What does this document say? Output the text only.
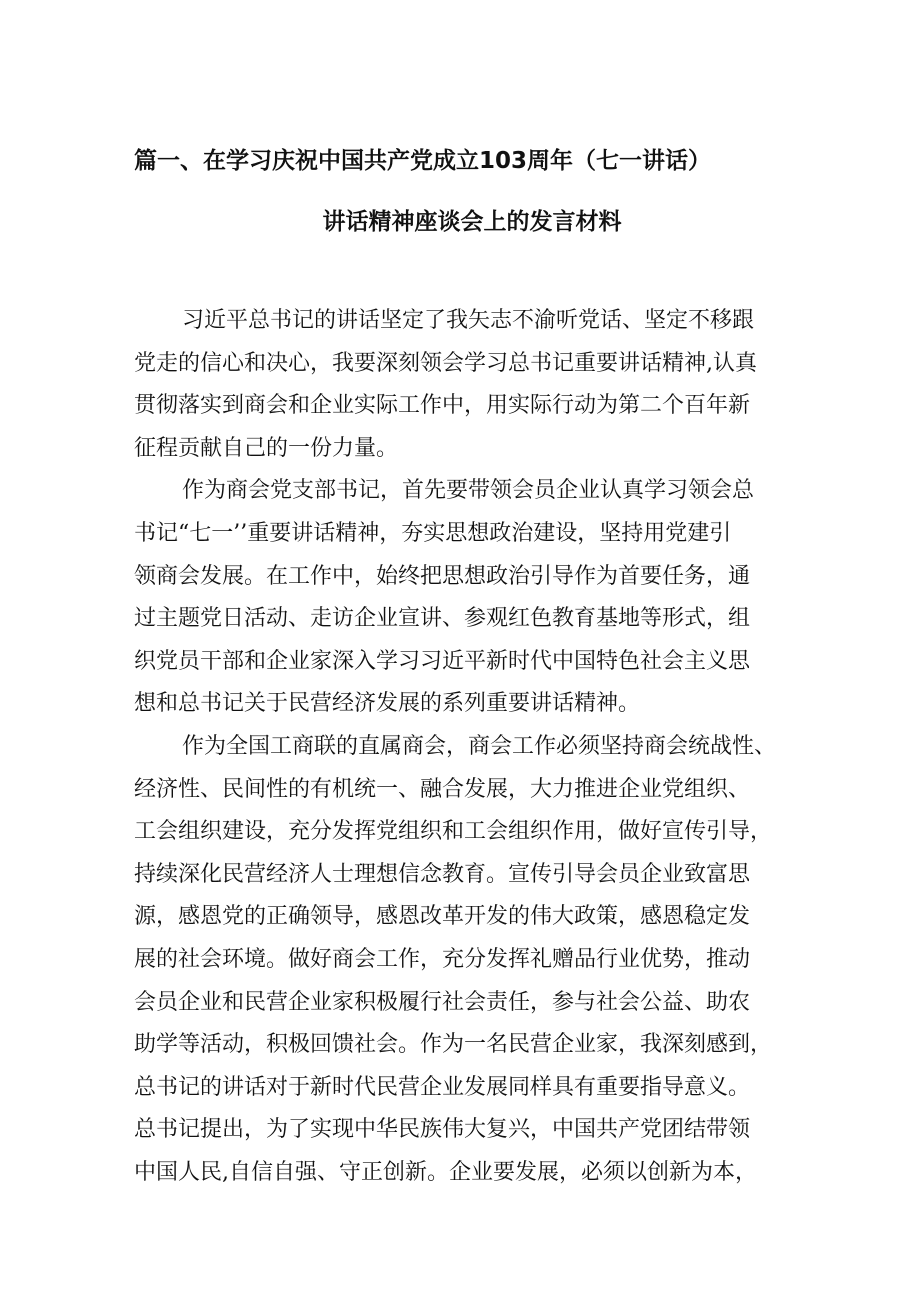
篇一、在学习庆祝中国共产党成立103周年（七一讲话）
讲话精神座谈会上的发言材料
习近平总书记的讲话坚定了我矢志不渝听党话、坚定不移跟
党走的信心和决心，我要深刻领会学习总书记重要讲话精神,认真
贯彻落实到商会和企业实际工作中，用实际行动为第二个百年新
征程贡献自己的一份力量。
作为商会党支部书记，首先要带领会员企业认真学习领会总
书记“七一’’重要讲话精神，夯实思想政治建设，坚持用党建引
领商会发展。在工作中，始终把思想政治引导作为首要任务，通
过主题党日活动、走访企业宣讲、参观红色教育基地等形式，组
织党员干部和企业家深入学习习近平新时代中国特色社会主义思
想和总书记关于民营经济发展的系列重要讲话精神。
作为全国工商联的直属商会，商会工作必须坚持商会统战性、
经济性、民间性的有机统一、融合发展，大力推进企业党组织、
工会组织建设，充分发挥党组织和工会组织作用，做好宣传引导，
持续深化民营经济人士理想信念教育。宣传引导会员企业致富思
源，感恩党的正确领导，感恩改革开发的伟大政策，感恩稳定发
展的社会环境。做好商会工作，充分发挥礼赠品行业优势，推动
会员企业和民营企业家积极履行社会责任，参与社会公益、助农
助学等活动，积极回馈社会。作为一名民营企业家，我深刻感到，
总书记的讲话对于新时代民营企业发展同样具有重要指导意义。
总书记提出，为了实现中华民族伟大复兴，中国共产党团结带领
中国人民,自信自强、守正创新。企业要发展，必须以创新为本，
